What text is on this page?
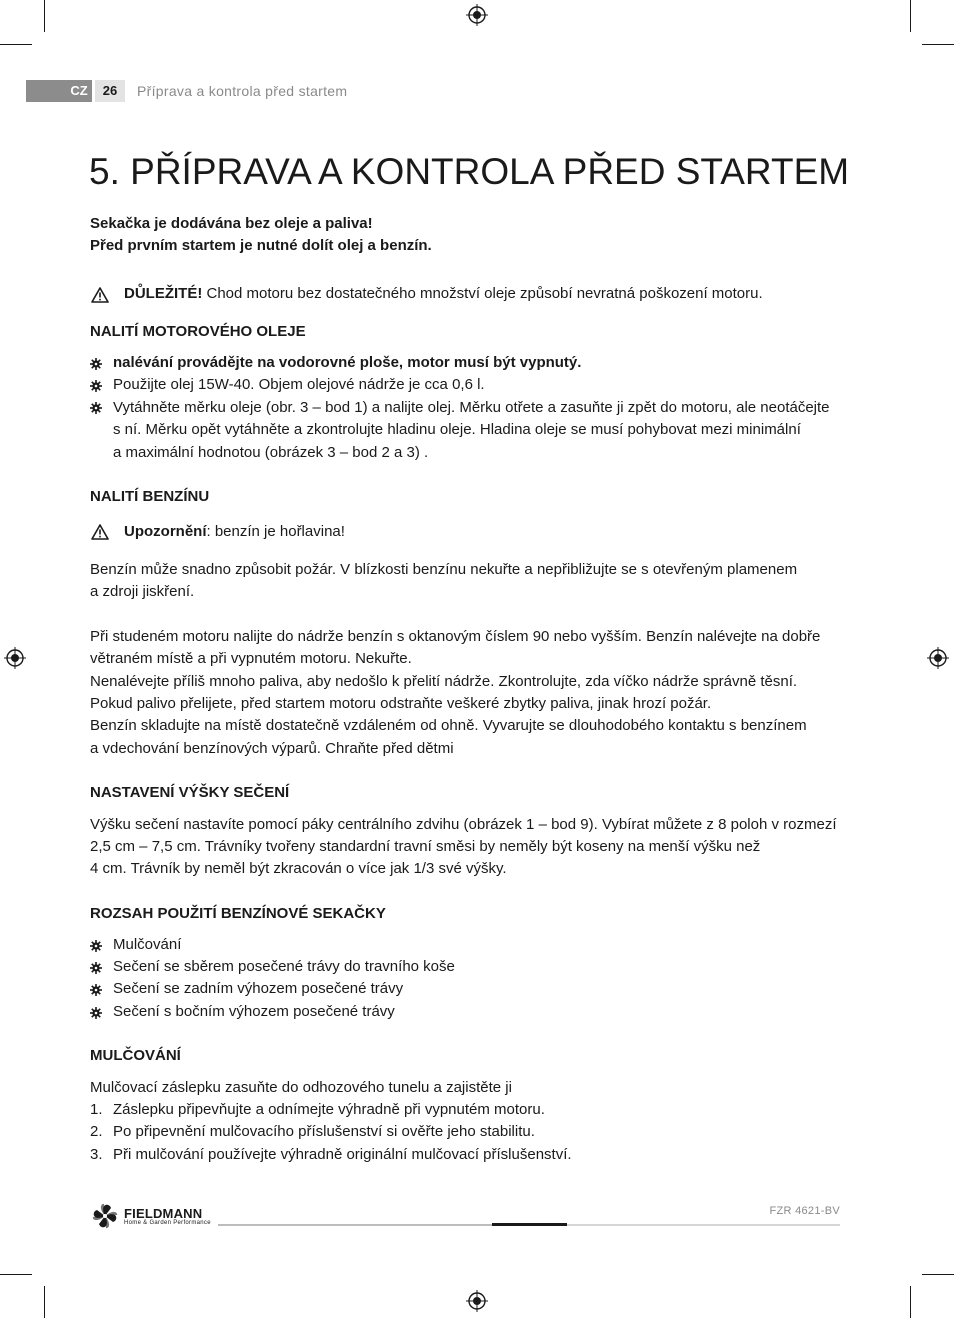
CZ	26	Příprava a kontrola před startem
5. PŘÍPRAVA A KONTROLA PŘED STARTEM
Sekačka je dodávána bez oleje a paliva!
Před prvním startem je nutné dolít olej a benzín.
DŮLEŽITÉ! Chod motoru bez dostatečného množství oleje způsobí nevratná poškození motoru.
NALITÍ MOTOROVÉHO OLEJE
nalévání provádějte na vodorovné ploše, motor musí být vypnutý.
Použijte olej 15W-40. Objem olejové nádrže je cca 0,6 l.
Vytáhněte měrku oleje (obr. 3 – bod 1) a nalijte olej. Měrku otřete a zasuňte ji zpět do motoru, ale neotáčejte
s ní. Měrku opět vytáhněte a zkontrolujte hladinu oleje. Hladina oleje se musí pohybovat mezi minimální
a maximální hodnotou (obrázek 3 – bod 2 a 3) .
NALITÍ BENZÍNU
Upozornění: benzín je hořlavina!
Benzín může snadno způsobit požár. V blízkosti benzínu nekuřte a nepřibližujte se s otevřeným plamenem
a zdroji jiskření.
Při studeném motoru nalijte do nádrže benzín s oktanovým číslem 90 nebo vyšším. Benzín nalévejte na dobře
větraném místě a při vypnutém motoru. Nekuřte.
Nenalévejte příliš mnoho paliva, aby nedošlo k přelití nádrže. Zkontrolujte, zda víčko nádrže správně těsní.
Pokud palivo přelijete, před startem motoru odstraňte veškeré zbytky paliva, jinak hrozí požár.
Benzín skladujte na místě dostatečně vzdáleném od ohně. Vyvarujte se dlouhodobého kontaktu s benzínem
a vdechování benzínových výparů. Chraňte před dětmi
NASTAVENÍ VÝŠKY SEČENÍ
Výšku sečení nastavíte pomocí páky centrálního zdvihu (obrázek 1 – bod 9). Vybírat můžete z 8 poloh v rozmezí
2,5 cm – 7,5 cm. Trávníky tvořeny standardní travní směsi by neměly být koseny na menší výšku než
4 cm. Trávník by neměl být zkracován o více jak 1/3 své výšky.
ROZSAH POUŽITÍ BENZÍNOVÉ SEKAČKY
Mulčování
Sečení se sběrem posečené trávy do travního koše
Sečení se zadním výhozem posečené trávy
Sečení s bočním výhozem posečené trávy
MULČOVÁNÍ
Mulčovací záslepku zasuňte do odhozového tunelu a zajistěte ji
1. Záslepku připevňujte a odnímejte výhradně při vypnutém motoru.
2. Po připevnění mulčovacího příslušenství si ověřte jeho stabilitu.
3. Při mulčování používejte výhradně originální mulčovací příslušenství.
FIELDMANN
Home & Garden Performance
FZR 4621-BV
